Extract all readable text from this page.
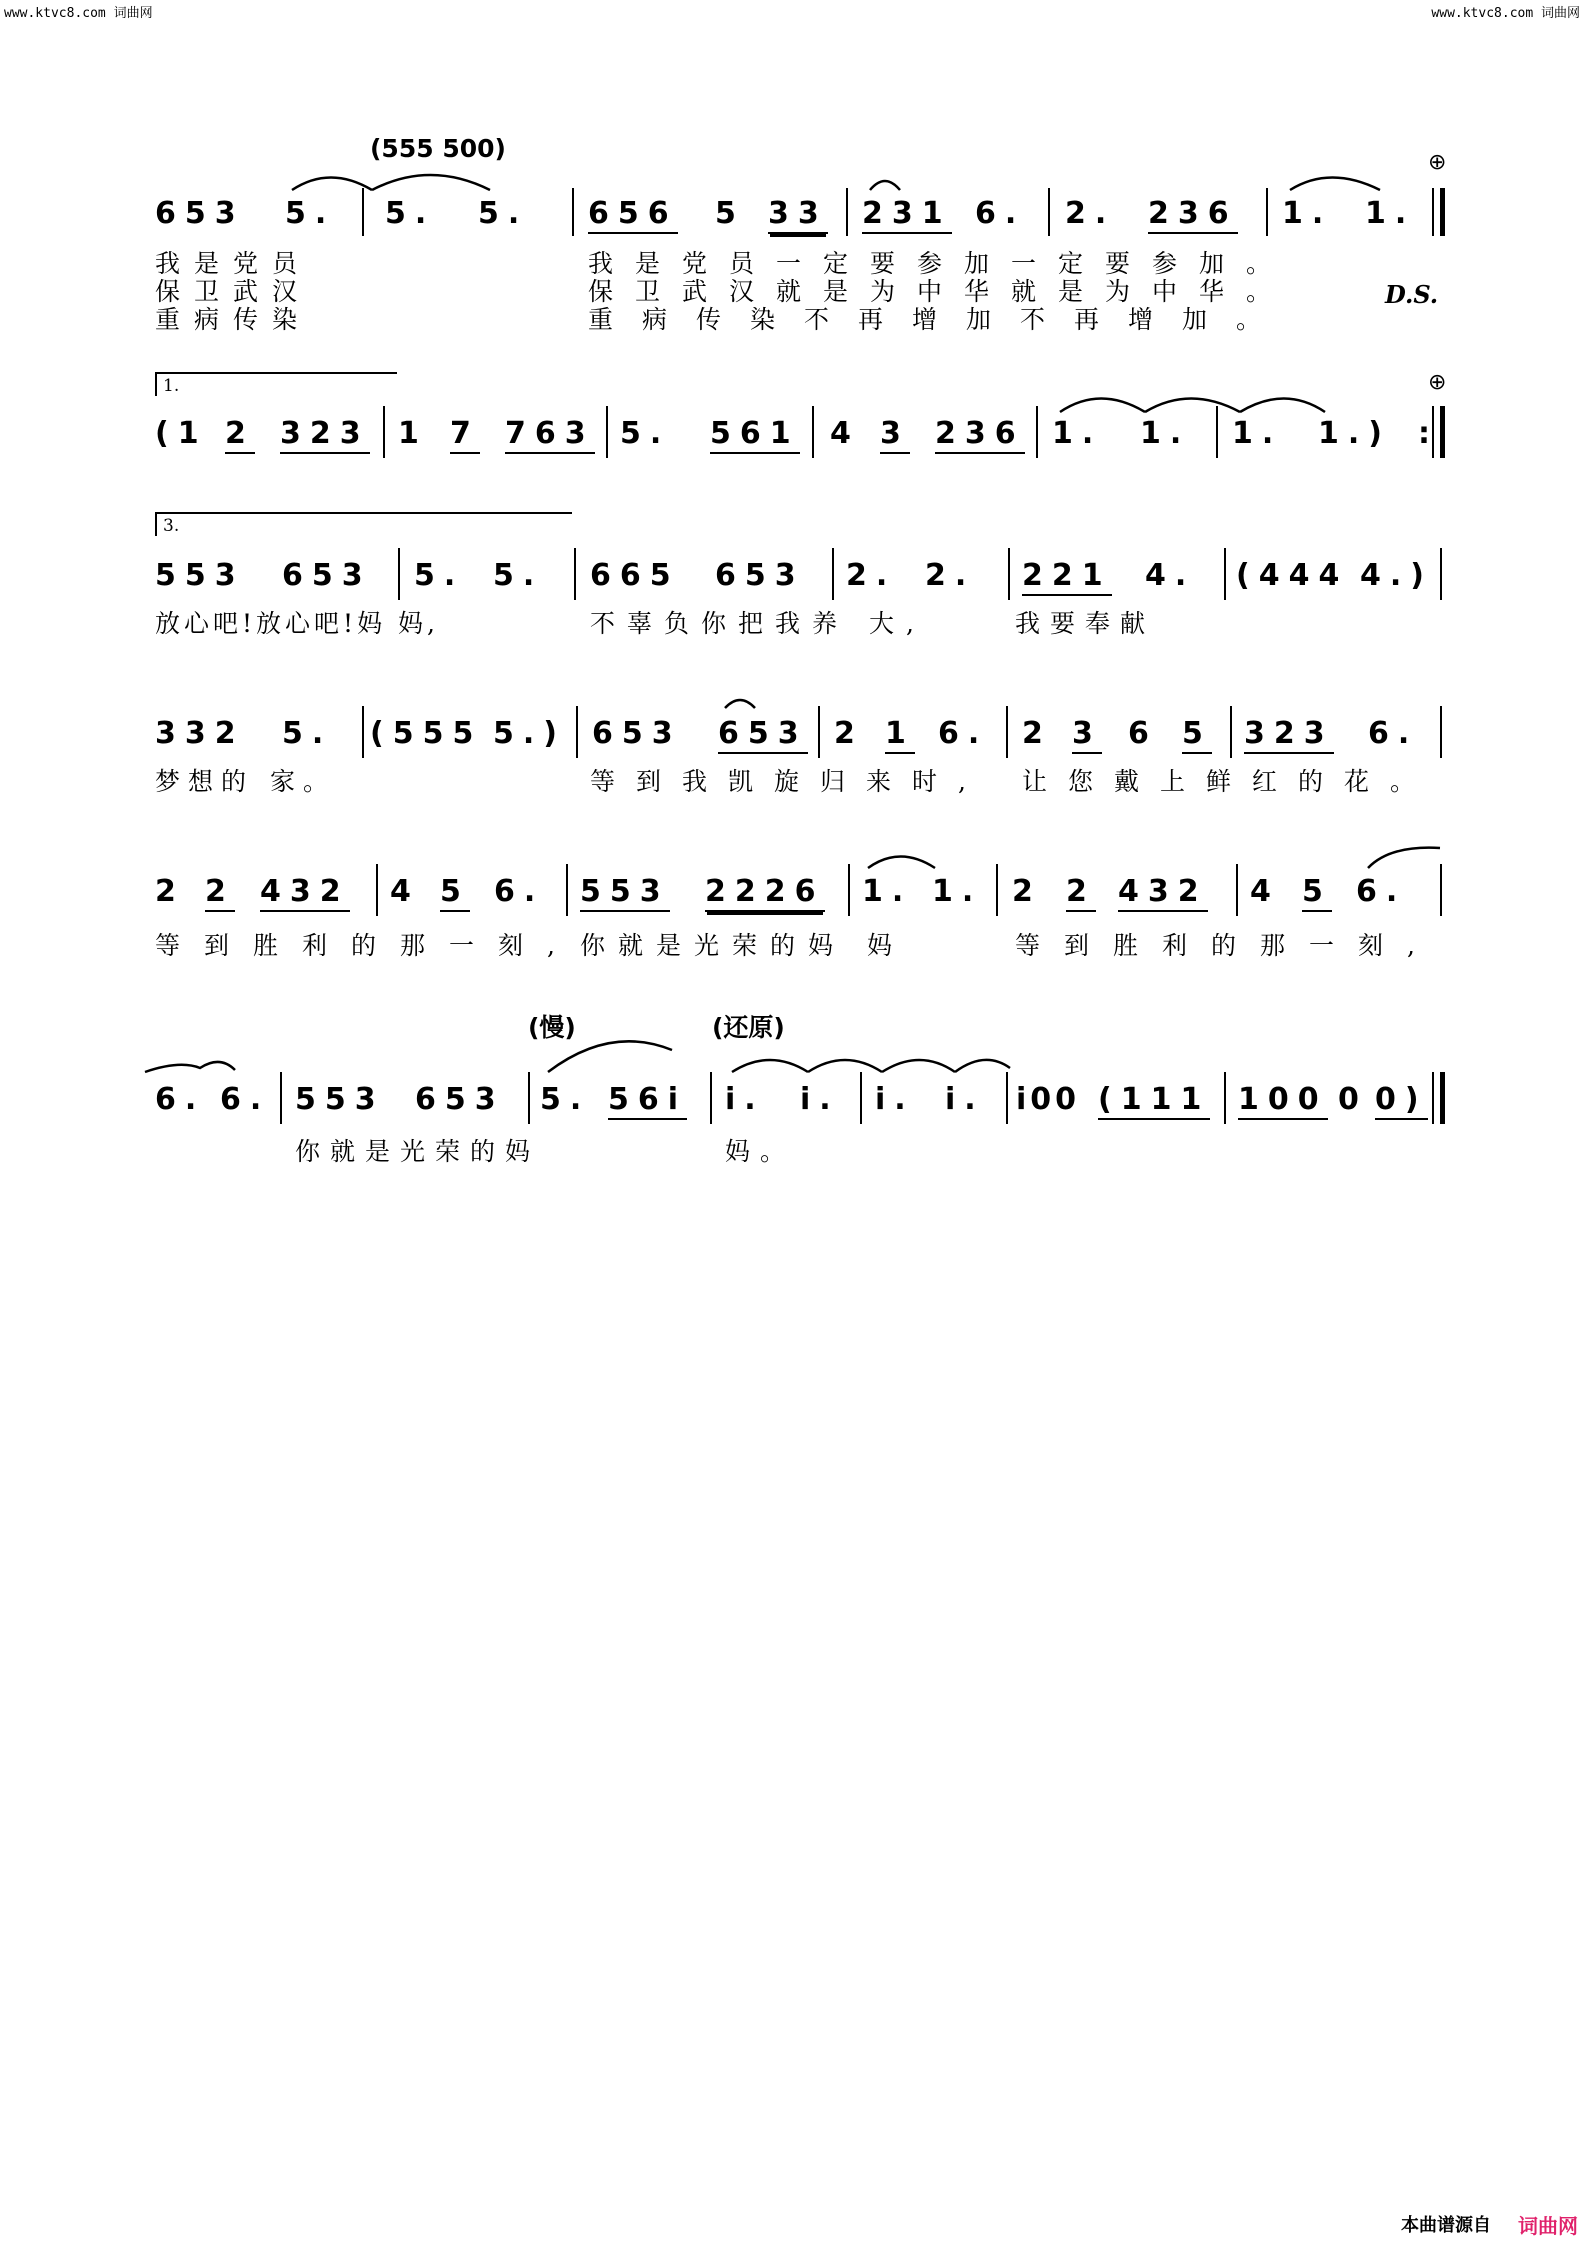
www.ktvc8.com 词曲网	www.ktvc8.com 词曲网
(555 500)
653 5. 5. 5. 656 5 33 231 6. 2. 236 1. 1.
⊕
我是党员	我是党员一定要参加一定要参加。
保卫武汉	保卫武汉就是为中华就是为中华。
重病传染	重病传染不再增加不再增加。
D.S.
1.
(1 2 323 1 7 763 5. 561 4 3 236 1. 1. 1. 1.) :
⊕
3.
553 653 5. 5. 665 653 2. 2. 221 4. (444 4.)
放心吧!放心吧!妈 妈,	不辜负你把我养 大,	我要奉献
332 5. (555 5.) 653 653 2 1 6. 2 3 6 5 323 6.
梦想的 家。	等到我凯旋归来时, 让您戴上鲜红的花。
2 2 432 4 5 6. 553 2226 1. 1. 2 2 432 4 5 6.
等到胜利的那一刻, 你就是光荣的妈 妈	等到胜利的那一刻,
(慢)	(还原)
6. 6. 553 653 5. 56i i. i. i. i. i00 (111 100 0 0)
你就是光荣的妈	妈。
本曲谱源自 词曲网
